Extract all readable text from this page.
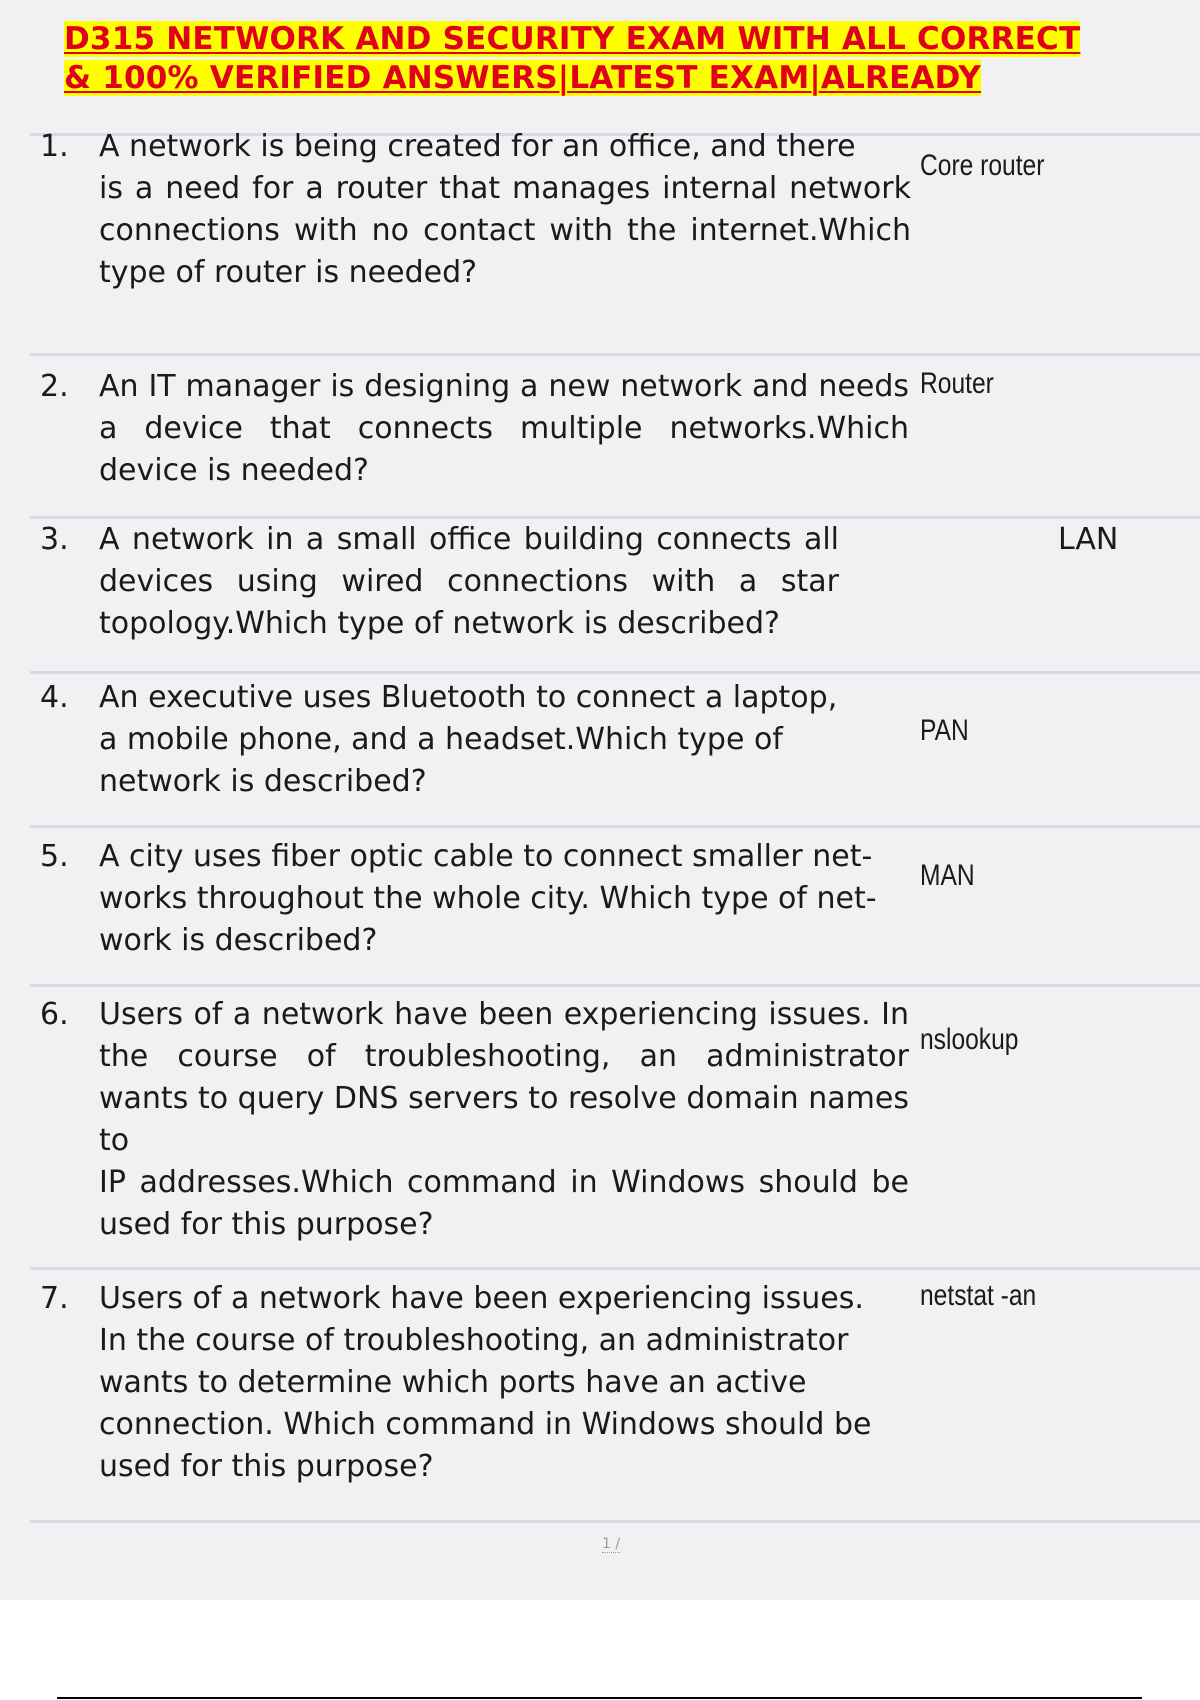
D315 NETWORK AND SECURITY EXAM WITH ALL CORRECT
& 100% VERIFIED ANSWERS|LATEST EXAM|ALREADY
1.	A network is being created for an office, and there
is a need for a router that manages internal network connections with no contact with the internet.Which type of router is needed?
Core router
2.	An IT manager is designing a new network and needs a device that connects multiple networks.Which device is needed?
Router
3.	A network in a small office building connects all devices using wired connections with a star topology.Which type of network is described?
LAN
4.	An executive uses Bluetooth to connect a laptop, a mobile phone, and a headset.Which type of network is described?
PAN
5.	A city uses fiber optic cable to connect smaller net- works throughout the whole city. Which type of net- work is described?
MAN
6.	Users of a network have been experiencing issues. In the course of troubleshooting, an administrator wants to query DNS servers to resolve domain names to
IP addresses.Which command in Windows should be used for this purpose?
nslookup
7.	Users of a network have been experiencing issues. In the course of troubleshooting, an administrator wants to determine which ports have an active connection. Which command in Windows should be used for this purpose?
netstat -an
1 /
